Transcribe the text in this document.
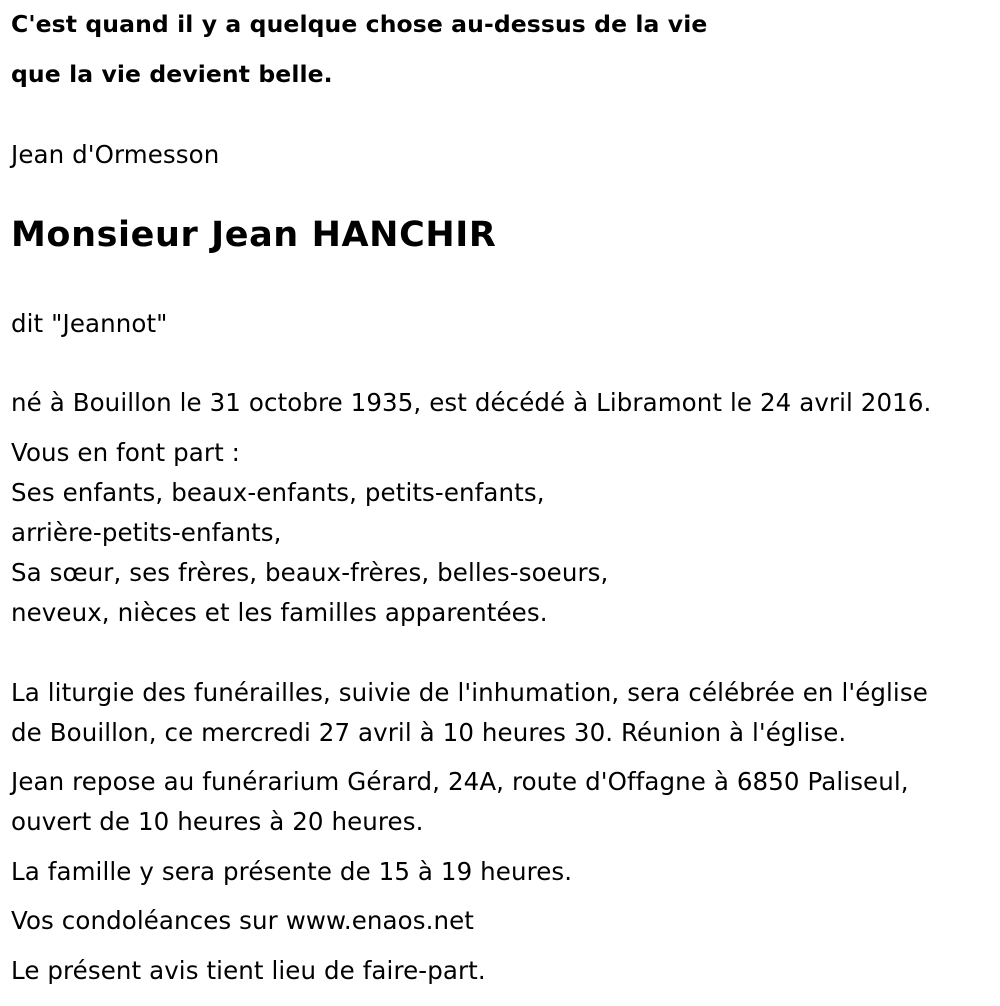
C'est quand il y a quelque chose au-dessus de la vie
que la vie devient belle.
Jean d'Ormesson
Monsieur Jean HANCHIR
dit "Jeannot"
né à Bouillon le 31 octobre 1935, est décédé à Libramont le 24 avril 2016.
Vous en font part :
Ses enfants, beaux-enfants, petits-enfants,
arrière-petits-enfants,
Sa sœur, ses frères, beaux-frères, belles-soeurs,
neveux, nièces et les familles apparentées.
La liturgie des funérailles, suivie de l'inhumation, sera célébrée en l'église
de Bouillon, ce mercredi 27 avril à 10 heures 30. Réunion à l'église.
Jean repose au funérarium Gérard, 24A, route d'Offagne à 6850 Paliseul,
ouvert de 10 heures à 20 heures.
La famille y sera présente de 15 à 19 heures.
Vos condoléances sur www.enaos.net
Le présent avis tient lieu de faire-part.
